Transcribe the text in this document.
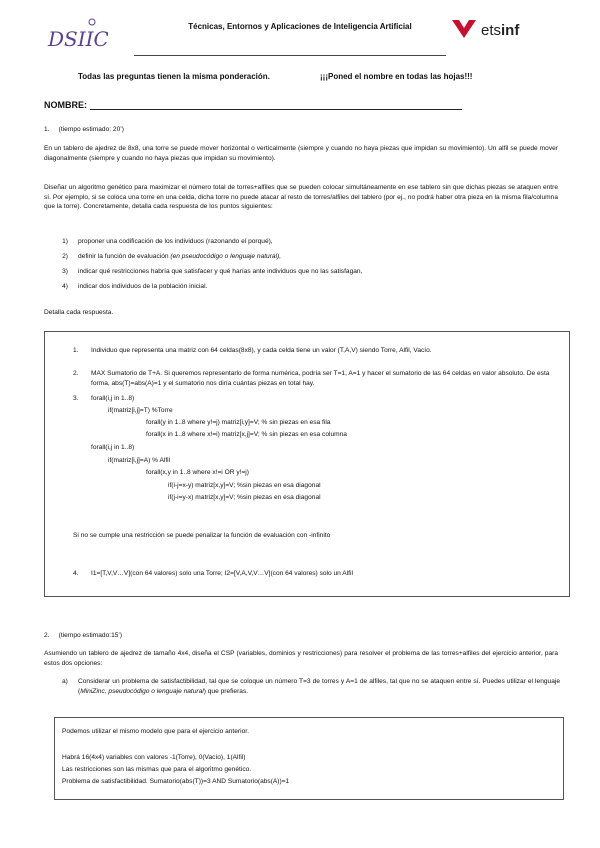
DSIIC
Técnicas, Entornos y Aplicaciones de Inteligencia Artificial	etsinf
Todas las preguntas tienen la misma ponderación.	¡¡¡Poned el nombre en todas las hojas!!!
NOMBRE:
1. (tiempo estimado: 20’)
En un tablero de ajedrez de 8x8, una torre se puede mover horizontal o verticalmente (siempre y cuando no haya piezas que impidan su movimiento). Un alfil se puede mover diagonalmente (siempre y cuando no haya piezas que impidan su movimiento).
Diseñar un algoritmo genético para maximizar el número total de torres+alfiles que se pueden colocar simultáneamente en ese tablero sin que dichas piezas se ataquen entre sí. Por ejemplo, si se coloca una torre en una celda, dicha torre no puede atacar al resto de torres/alfiles del tablero (por ej., no podrá haber otra pieza en la misma fila/columna que la torre). Concretamente, detalla cada respuesta de los puntos siguientes:
1) proponer una codificación de los individuos (razonando el porqué),
2) definir la función de evaluación (en pseudocódigo o lenguaje natural),
3) indicar qué restricciones habría que satisfacer y qué harías ante individuos que no las satisfagan,
4) indicar dos individuos de la población inicial.
Detalla cada respuesta.
1. Individuo que representa una matriz con 64 celdas(8x8), y cada celda tiene un valor (T,A,V) siendo Torre, Alfil, Vacío.
2. MAX Sumatorio de T+A. Si queremos representarlo de forma numérica, podría ser T=1, A=1 y hacer el sumatorio de las 64 celdas en valor absoluto. De esta forma, abs(T)=abs(A)=1 y el sumatorio nos diría cuántas piezas en total hay.
3. forall(i,j in 1..8)
if(matriz[i,j]=T) %Torre
forall(y in 1..8 where y!=j) matriz[i,y]=V; % sin piezas en esa fila
forall(x in 1..8 where x!=i) matriz[x,j]=V; % sin piezas en esa columna
forall(i,j in 1..8)
if(matriz[i,j]=A) % Alfil
forall(x,y in 1..8 where x!=i OR y!=j)
if(i-j=x-y) matriz[x,y]=V; %sin piezas en esa diagonal
if(j-i=y-x) matriz[x,y]=V; %sin piezas en esa diagonal
Si no se cumple una restricción se puede penalizar la función de evaluación con -infinito
4. I1=[T,V,V…V](con 64 valores) solo una Torre; I2=[V,A,V,V…V](con 64 valores) solo un Alfil
2. (tiempo estimado:15’)
Asumiendo un tablero de ajedrez de tamaño 4x4, diseña el CSP (variables, dominios y restricciones) para resolver el problema de las torres+alfiles del ejercicio anterior, para estos dos opciones:
a) Considerar un problema de satisfactibilidad, tal que se coloque un número T=3 de torres y A=1 de alfiles, tal que no se ataquen entre sí. Puedes utilizar el lenguaje (MiniZinc, pseudocódigo o lenguaje natural) que prefieras.
Podemos utilizar el mismo modelo que para el ejercicio anterior.
Habrá 16(4x4) variables con valores -1(Torre), 0(Vacío), 1(Alfil)
Las restricciones son las mismas que para el algoritmo genético.
Problema de satisfactibilidad. Sumatorio(abs(T))=3 AND Sumatorio(abs(A))=1
